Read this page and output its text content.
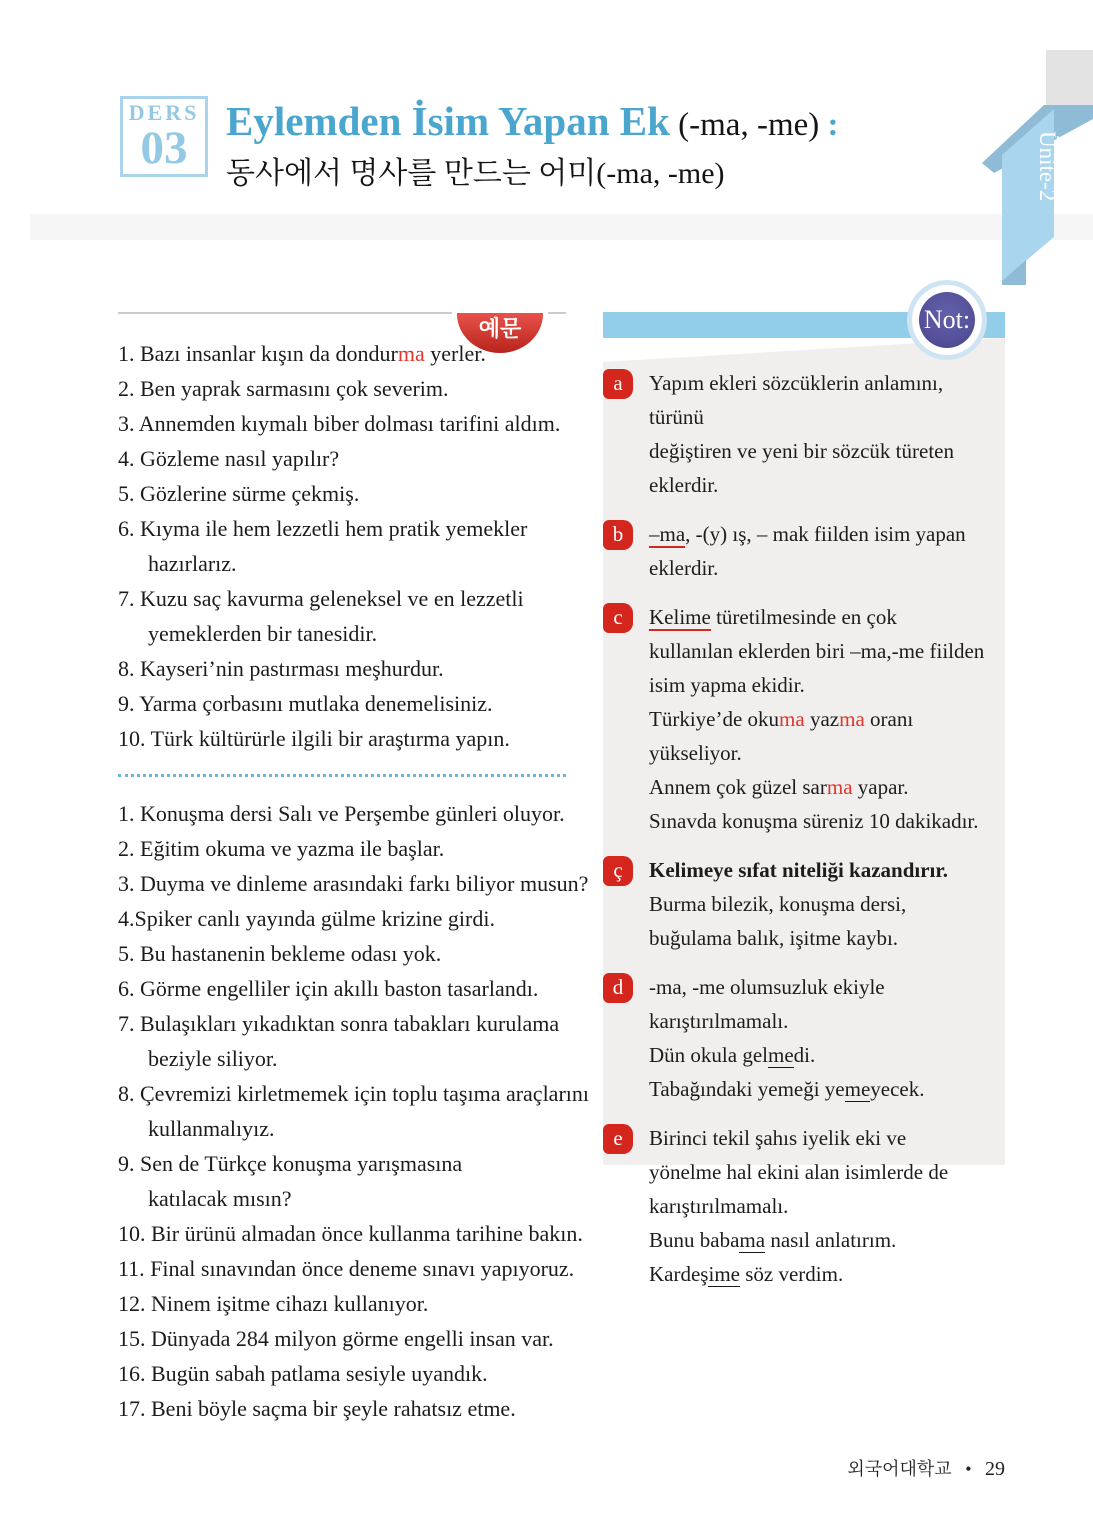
DERS
03
Eylemden İsim Yapan Ek (-ma, -me) :
동사에서 명사를 만드는 어미(-ma, -me)	Ünite-2
예문
1. Bazı insanlar kışın da dondurma yerler.
2. Ben yaprak sarmasını çok severim.
3. Annemden kıymalı biber dolması tarifini aldım.
4. Gözleme nasıl yapılır?
5. Gözlerine sürme çekmiş.
6. Kıyma ile hem lezzetli hem pratik yemekler
hazırlarız.
7. Kuzu saç kavurma geleneksel ve en lezzetli
yemeklerden bir tanesidir.
8. Kayseri’nin pastırması meşhurdur.
9. Yarma çorbasını mutlaka denemelisiniz.
10. Türk kültürürle ilgili bir araştırma yapın.
1. Konuşma dersi Salı ve Perşembe günleri oluyor.
2. Eğitim okuma ve yazma ile başlar.
3. Duyma ve dinleme arasındaki farkı biliyor musun?
4.Spiker canlı yayında gülme krizine girdi.
5. Bu hastanenin bekleme odası yok.
6. Görme engelliler için akıllı baston tasarlandı.
7. Bulaşıkları yıkadıktan sonra tabakları kurulama
beziyle siliyor.
8. Çevremizi kirletmemek için toplu taşıma araçlarını
kullanmalıyız.
9. Sen de Türkçe konuşma yarışmasına
katılacak mısın?
10. Bir ürünü almadan önce kullanma tarihine bakın.
11. Final sınavından önce deneme sınavı yapıyoruz.
12. Ninem işitme cihazı kullanıyor.
15. Dünyada 284 milyon görme engelli insan var.
16. Bugün sabah patlama sesiyle uyandık.
17. Beni böyle saçma bir şeyle rahatsız etme.
Not:
a	Yapım ekleri sözcüklerin anlamını, türünü
değiştiren ve yeni bir sözcük türeten eklerdir.
b	–ma, -(y) ış, – mak fiilden isim yapan eklerdir.
c	Kelime türetilmesinde en çok
kullanılan eklerden biri –ma,-me fiilden
isim yapma ekidir.
Türkiye’de okuma yazma oranı yükseliyor.
Annem çok güzel sarma yapar.
Sınavda konuşma süreniz 10 dakikadır.
ç	Kelimeye sıfat niteliği kazandırır.
Burma bilezik, konuşma dersi,
buğulama balık, işitme kaybı.
d	-ma, -me olumsuzluk ekiyle
karıştırılmamalı.
Dün okula gelmedi.
Tabağındaki yemeği yemeyecek.
e	Birinci tekil şahıs iyelik eki ve
yönelme hal ekini alan isimlerde de
karıştırılmamalı.
Bunu babama nasıl anlatırım.
Kardeşime söz verdim.
외국어대학교 • 29
